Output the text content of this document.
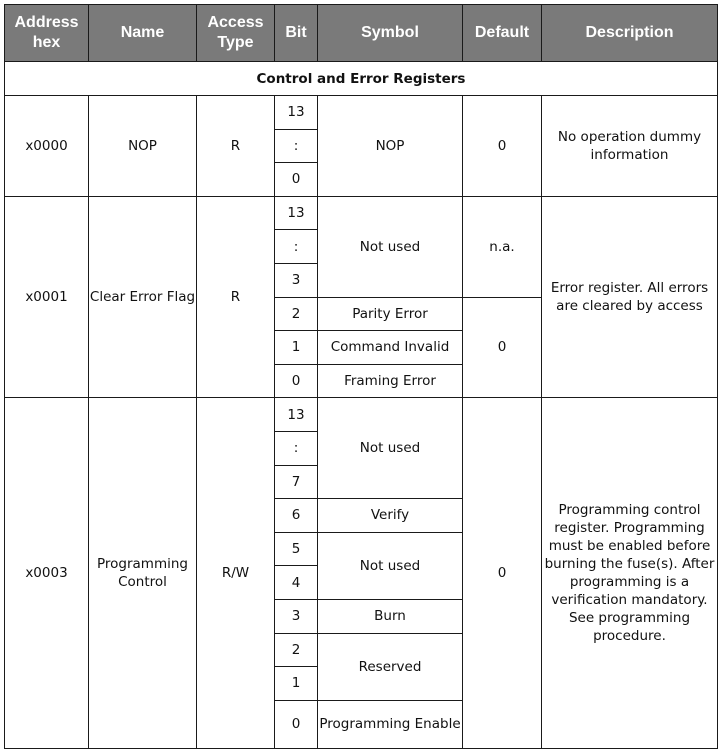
Address hex	Name	Access Type	Bit	Symbol	Default	Description
Control and Error Registers						
x0000	NOP	R	13	NOP	0	No operation dummy information
			:			
			0			
x0001	Clear Error Flag	R	13	Not used	n.a.	Error register. All errors are cleared by access
			:			
			3			
			2	Parity Error	0	
			1	Command Invalid		
			0	Framing Error		
x0003	Programming Control	R/W	13	Not used	0	Programming control register. Programming must be enabled before burning the fuse(s). After programming is a verification mandatory. See programming procedure.
			:			
			7			
			6	Verify		
			5	Not used		
			4			
			3	Burn		
			2	Reserved		
			1			
			0	Programming Enable		
